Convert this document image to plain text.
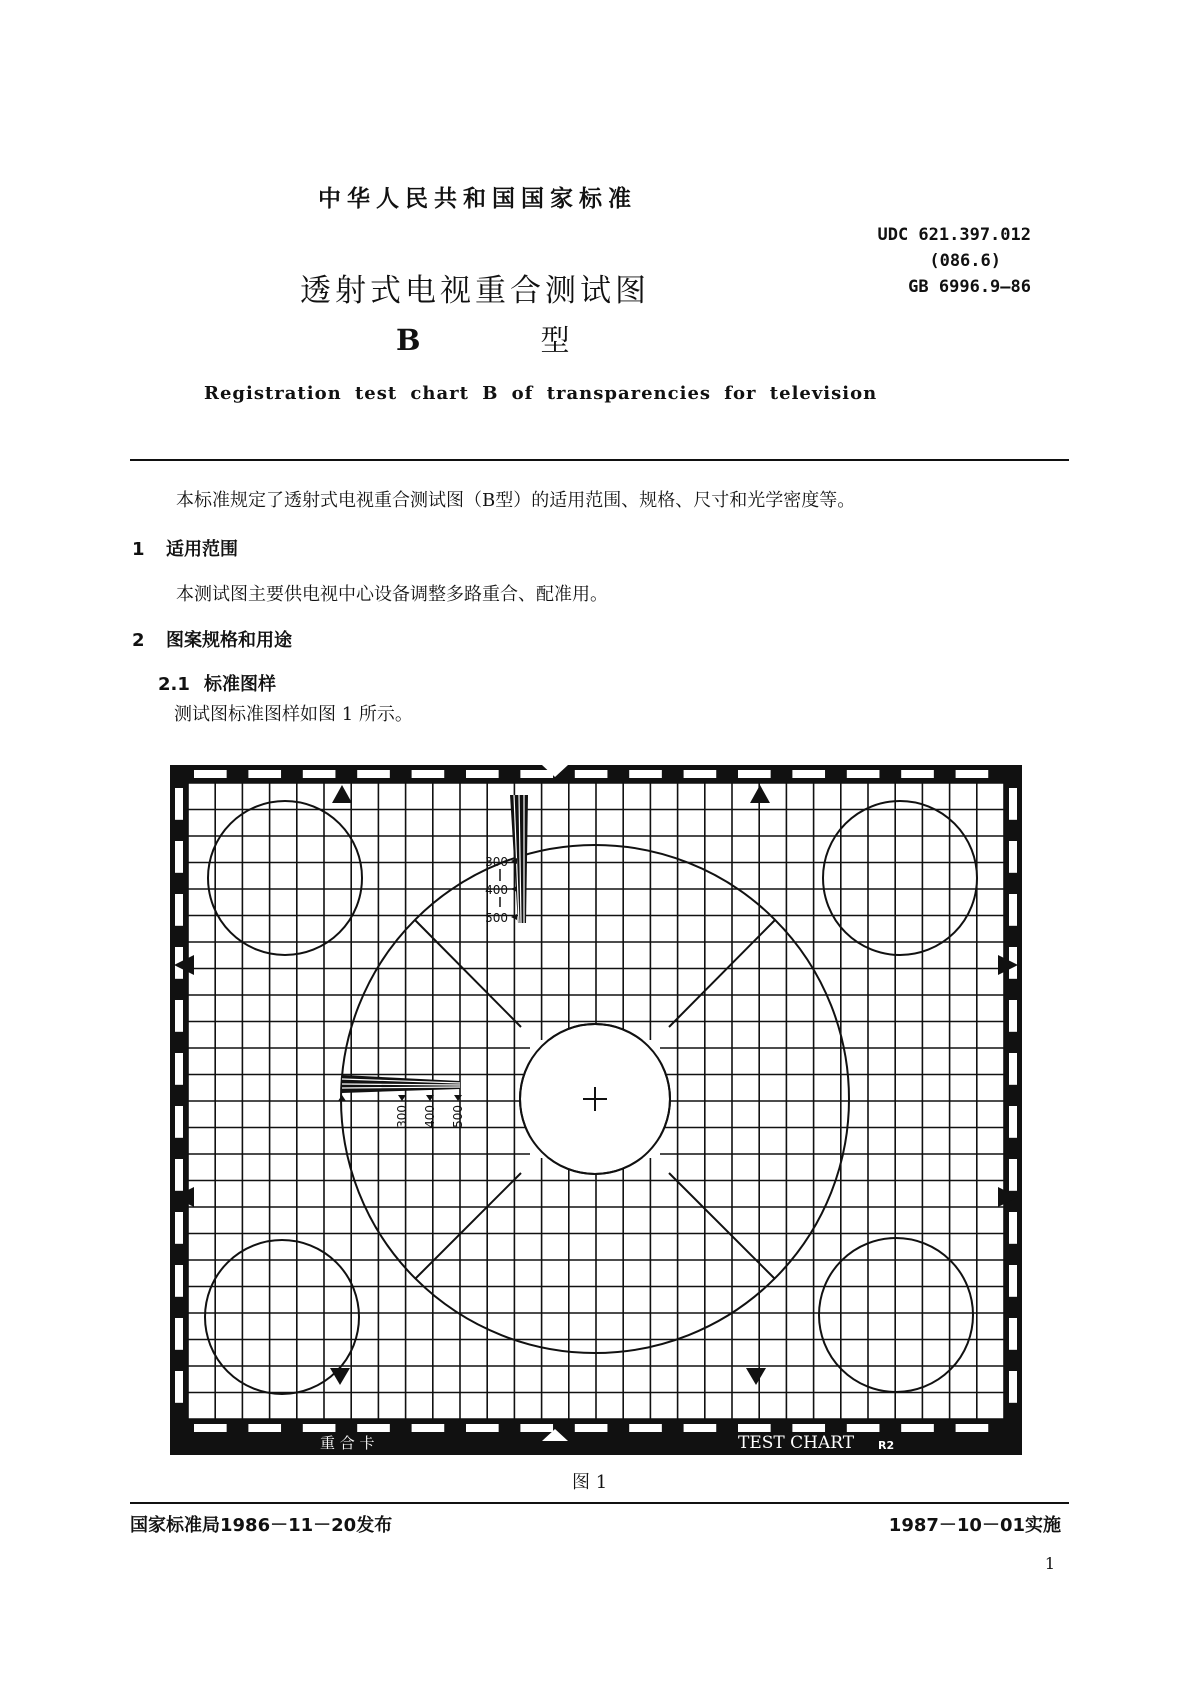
中华人民共和国国家标准
UDC 621.397.012
(086.6)
GB 6996.9—86
透射式电视重合测试图
B	型
Registration test chart B of transparencies for television
本标准规定了透射式电视重合测试图（B型）的适用范围、规格、尺寸和光学密度等。
1 适用范围
本测试图主要供电视中心设备调整多路重合、配准用。
2 图案规格和用途
2.1 标准图样
测试图标准图样如图 1 所示。
300
400
500
300 400 500
重 合 卡	TEST CHART R2
图 1
国家标准局1986－11－20发布	1987－10－01实施
1
